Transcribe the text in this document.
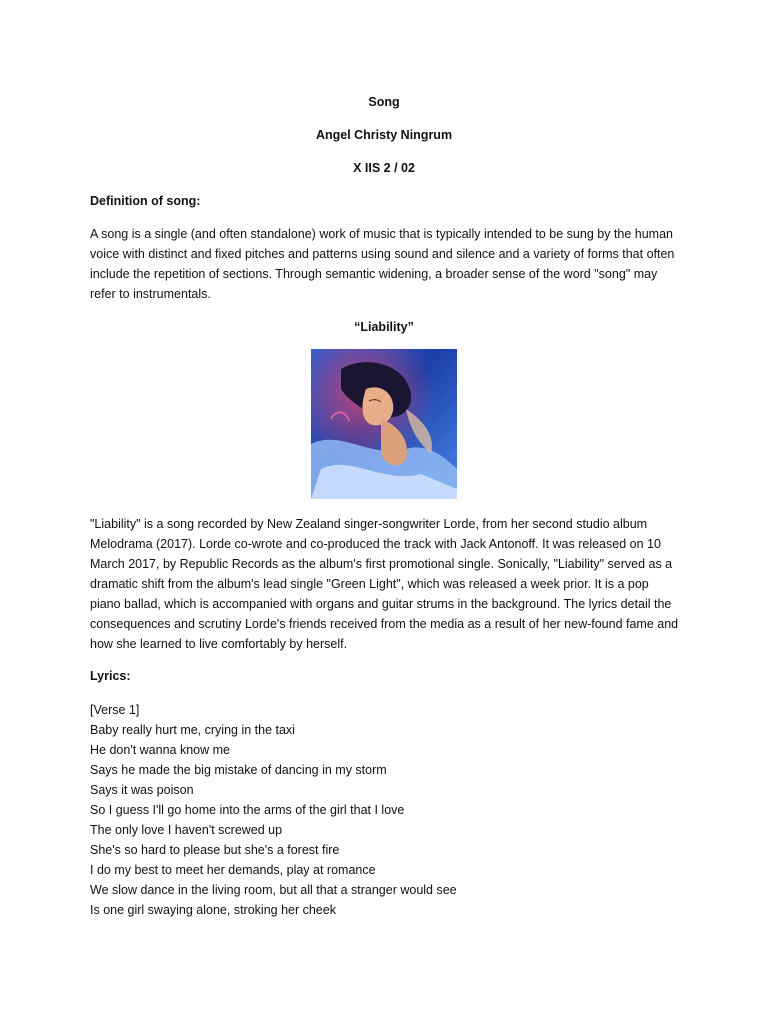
Song
Angel Christy Ningrum
X IIS 2 / 02
Definition of song:

A song is a single (and often standalone) work of music that is typically intended to be sung by the human voice with distinct and fixed pitches and patterns using sound and silence and a variety of forms that often include the repetition of sections. Through semantic widening, a broader sense of the word "song" may refer to instrumentals.

“Liability”

"Liability" is a song recorded by New Zealand singer-songwriter Lorde, from her second studio album Melodrama (2017). Lorde co-wrote and co-produced the track with Jack Antonoff. It was released on 10 March 2017, by Republic Records as the album's first promotional single. Sonically, "Liability" served as a dramatic shift from the album's lead single "Green Light", which was released a week prior. It is a pop piano ballad, which is accompanied with organs and guitar strums in the background. The lyrics detail the consequences and scrutiny Lorde's friends received from the media as a result of her new-found fame and how she learned to live comfortably by herself.

Lyrics:
[Verse 1]
Baby really hurt me, crying in the taxi
He don't wanna know me
Says he made the big mistake of dancing in my storm
Says it was poison
So I guess I'll go home into the arms of the girl that I love
The only love I haven't screwed up
She's so hard to please but she's a forest fire
I do my best to meet her demands, play at romance
We slow dance in the living room, but all that a stranger would see
Is one girl swaying alone, stroking her cheek
